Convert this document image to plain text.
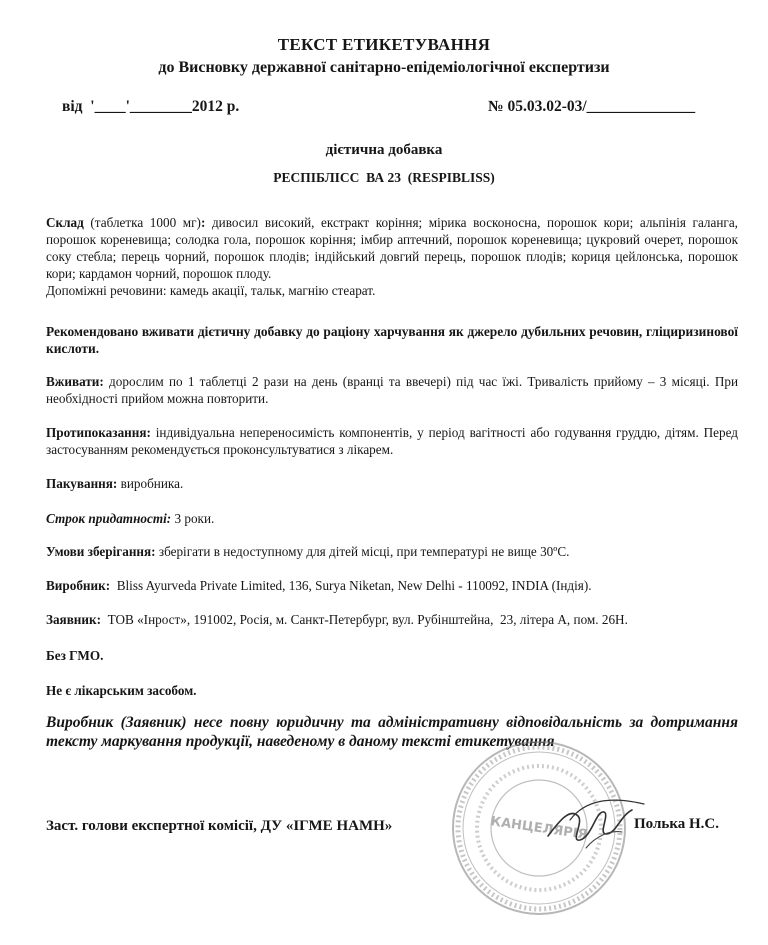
ТЕКСТ ЕТИКЕТУВАННЯ
до Висновку державної санітарно-епідеміологічної експертизи
від  '____'________2012 р.	№ 05.03.02-03/______________
дієтична добавка
РЕСПІБЛІСС  ВА 23  (RESPIBLISS)
Склад (таблетка 1000 мг): дивосил високий, екстракт коріння; мірика восконосна, порошок кори; альпінія галанга, порошок кореневища; солодка гола, порошок коріння; імбир аптечний, порошок кореневища; цукровий очерет, порошок соку стебла; перець чорний, порошок плодів; індійський довгий перець, порошок плодів; кориця цейлонська, порошок кори; кардамон чорний, порошок плоду.
Допоміжні речовини: камедь акації, тальк, магнію стеарат.
Рекомендовано вживати дієтичну добавку до раціону харчування як джерело дубильних речовин, гліциризинової кислоти.
Вживати: дорослим по 1 таблетці 2 рази на день (вранці та ввечері) під час їжі. Тривалість прийому – 3 місяці. При необхідності прийом можна повторити.
Протипоказання: індивідуальна непереносимість компонентів, у період вагітності або годування груддю, дітям. Перед застосуванням рекомендується проконсультуватися з лікарем.
Пакування: виробника.
Строк придатності: 3 роки.
Умови зберігання: зберігати в недоступному для дітей місці, при температурі не вище 30ºС.
Виробник:  Bliss Ayurveda Private Limited, 136, Surya Niketan, New Delhi - 110092, INDIA (Індія).
Заявник:  ТОВ «Інрост», 191002, Росія, м. Санкт-Петербург, вул. Рубінштейна,  23, літера А, пом. 26Н.
Без ГМО.
Не є лікарським засобом.
Виробник (Заявник) несе повну юридичну та адміністративну відповідальність за дотримання тексту маркування продукції, наведеному в даному тексті етикетування
КАНЦЕЛЯРІЯ
Заст. голови експертної комісії, ДУ «ІГМЕ НАМН»	Полька Н.С.
